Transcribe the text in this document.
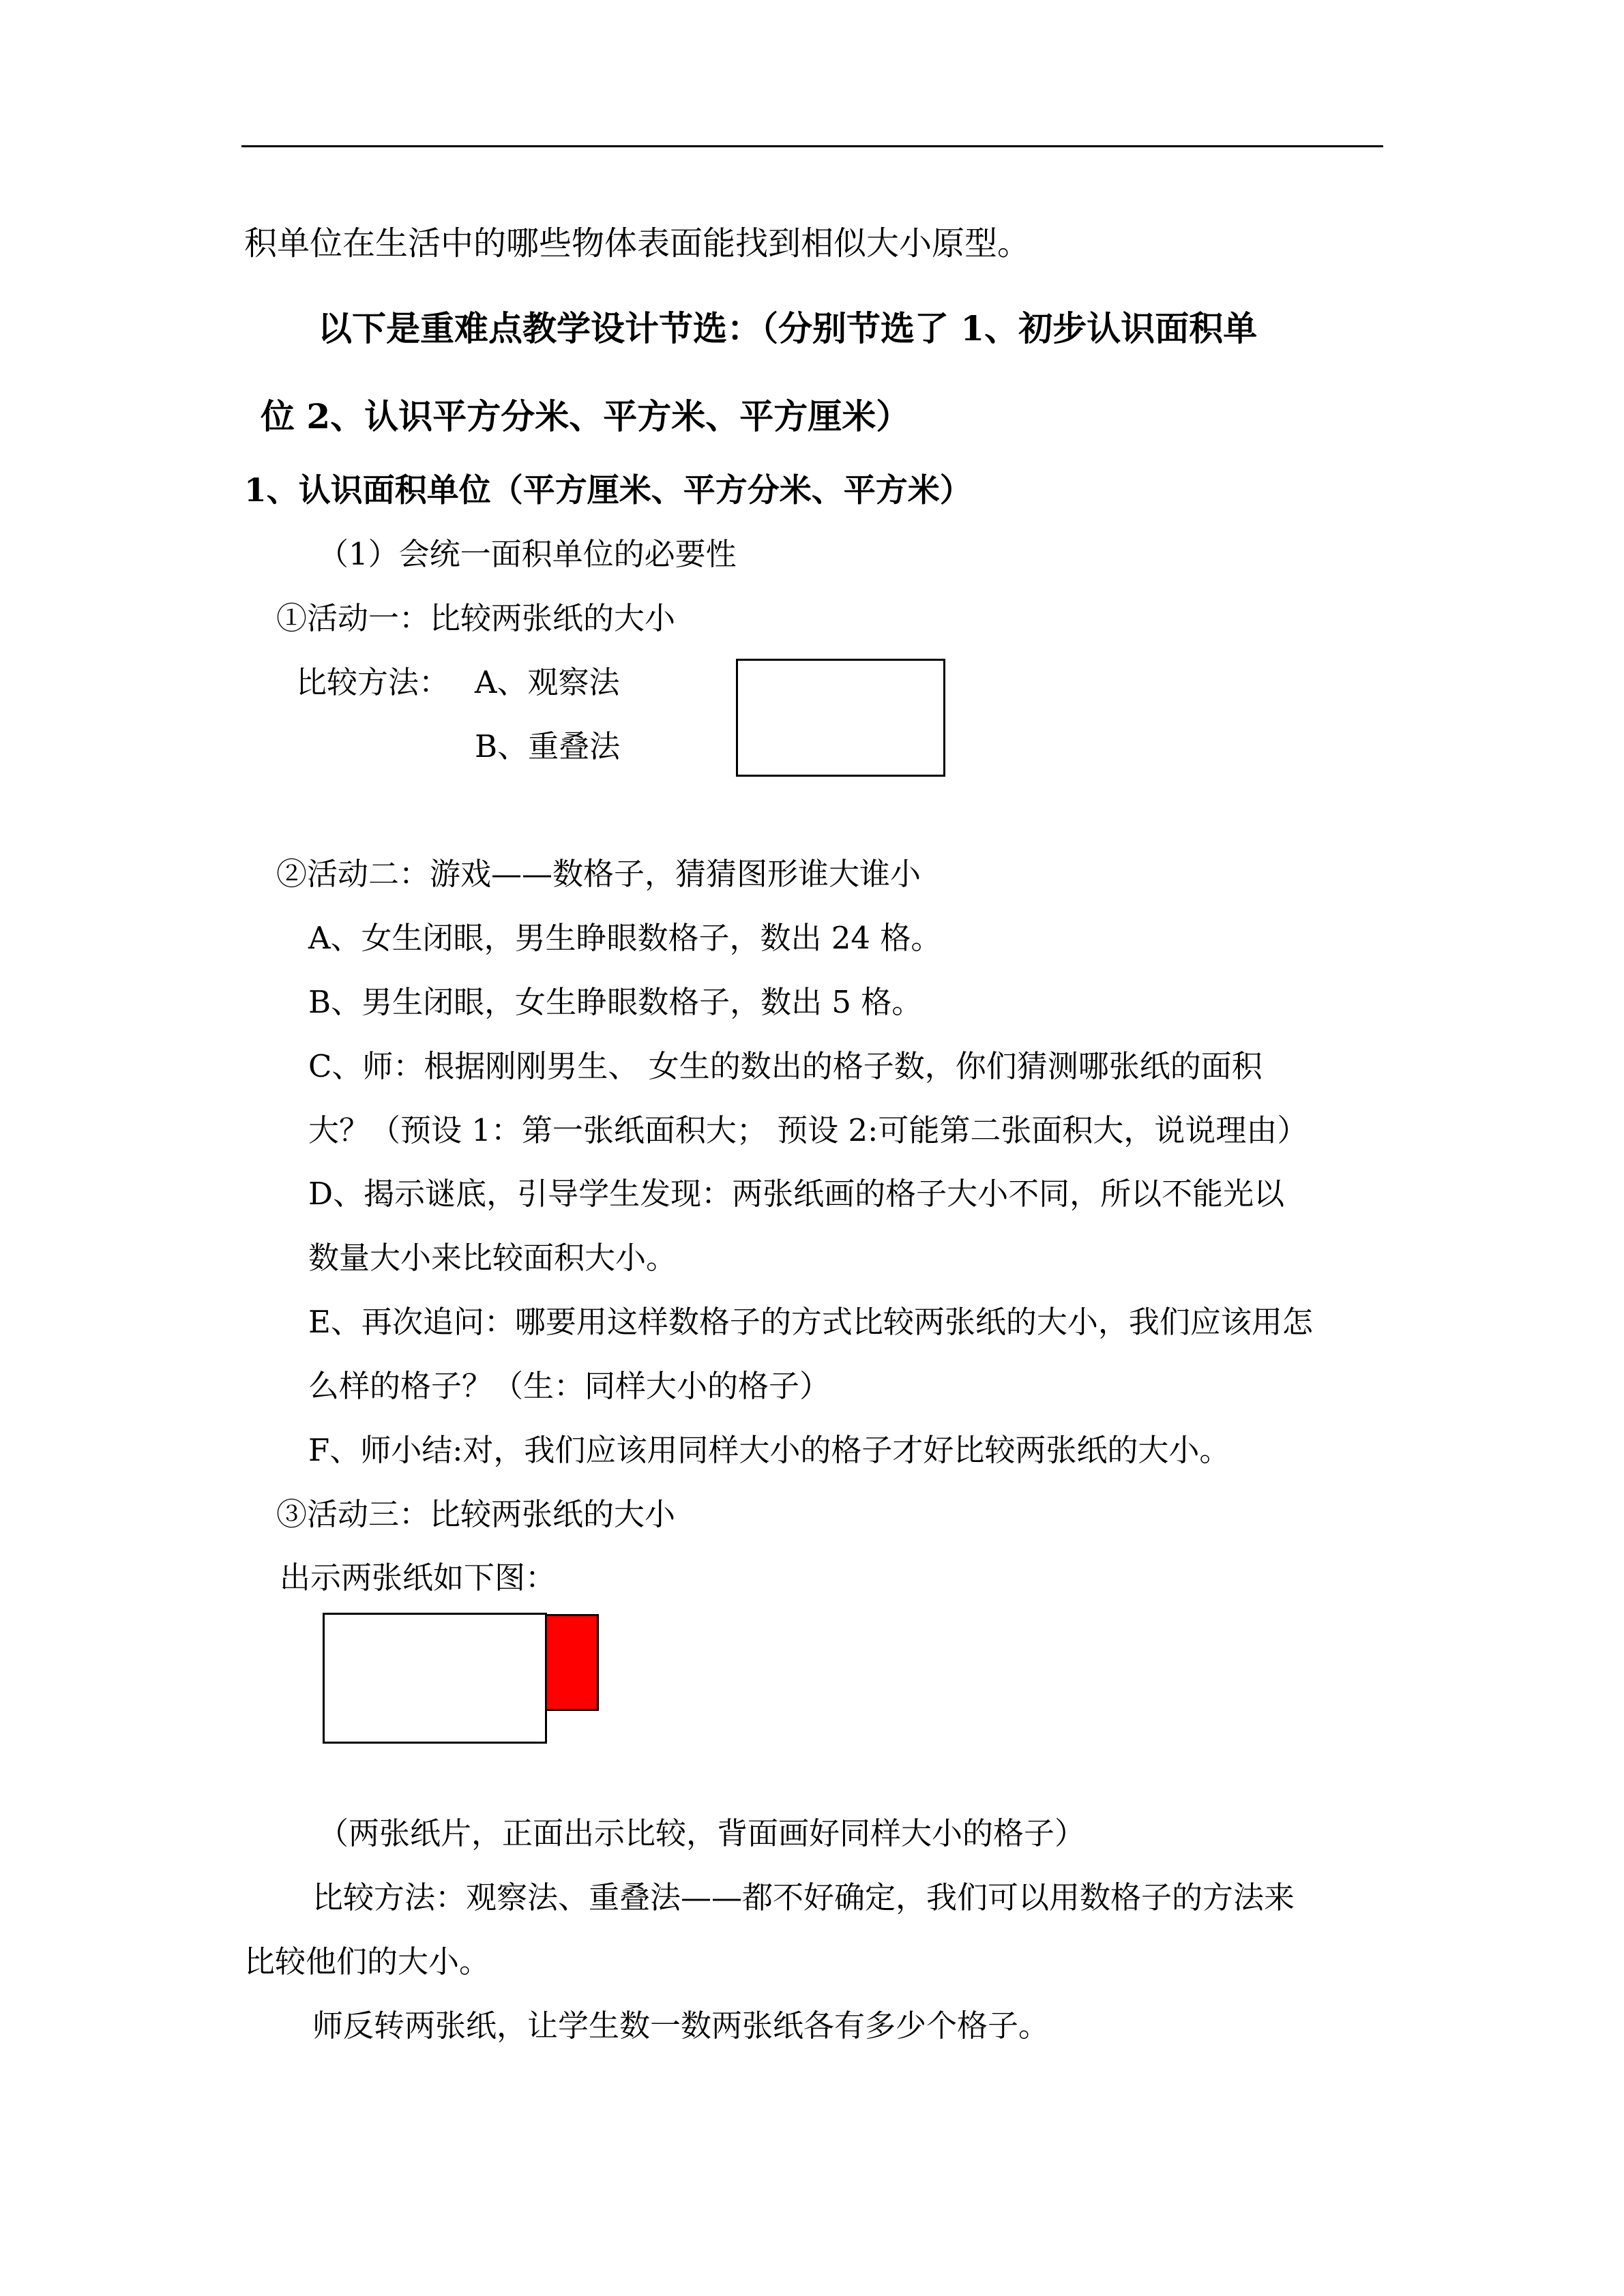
积单位在生活中的哪些物体表面能找到相似大小原型。
以下是重难点教学设计节选：（分别节选了 1、初步认识面积单
位 2、认识平方分米、平方米、平方厘米）
1、认识面积单位（平方厘米、平方分米、平方米）
（1）会统一面积单位的必要性
①活动一：比较两张纸的大小
比较方法： A、观察法
B、重叠法
②活动二：游戏——数格子，猜猜图形谁大谁小
A、女生闭眼，男生睁眼数格子，数出 24 格。
B、男生闭眼，女生睁眼数格子，数出 5 格。
C、师：根据刚刚男生、 女生的数出的格子数，你们猜测哪张纸的面积
大？（预设 1：第一张纸面积大； 预设 2:可能第二张面积大，说说理由）
D、揭示谜底，引导学生发现：两张纸画的格子大小不同，所以不能光以
数量大小来比较面积大小。
E、再次追问：哪要用这样数格子的方式比较两张纸的大小，我们应该用怎
么样的格子？（生：同样大小的格子）
F、师小结:对，我们应该用同样大小的格子才好比较两张纸的大小。
③活动三：比较两张纸的大小
出示两张纸如下图：
（两张纸片，正面出示比较，背面画好同样大小的格子）
比较方法：观察法、重叠法——都不好确定，我们可以用数格子的方法来
比较他们的大小。
师反转两张纸，让学生数一数两张纸各有多少个格子。
